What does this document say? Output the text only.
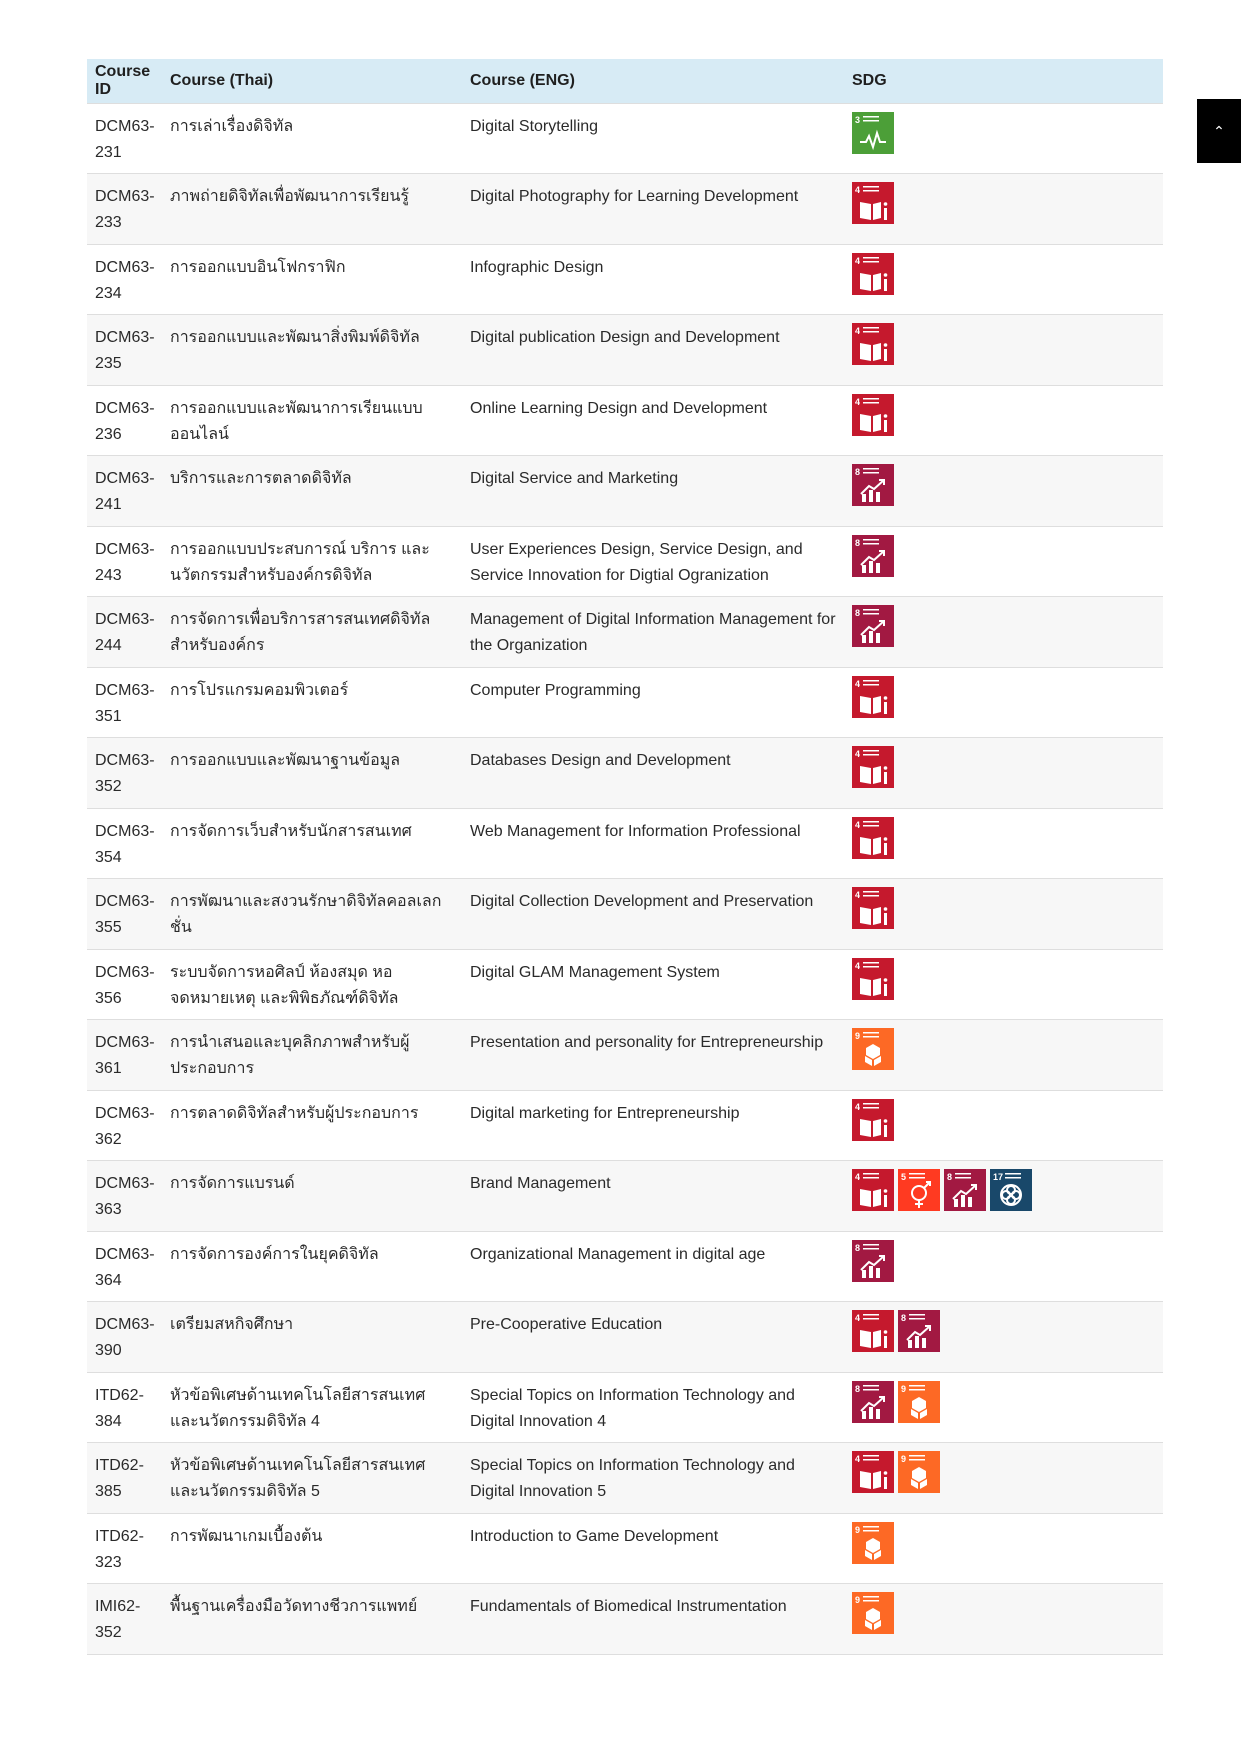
Course ID	Course (Thai)	Course (ENG)	SDG
DCM63-231	การเล่าเรื่องดิจิทัล	Digital Storytelling	3

DCM63-233	ภาพถ่ายดิจิทัลเพื่อพัฒนาการเรียนรู้	Digital Photography for Learning Development	4

DCM63-234	การออกแบบอินโฟกราฟิก	Infographic Design	4

DCM63-235	การออกแบบและพัฒนาสิ่งพิมพ์ดิจิทัล	Digital publication Design and Development	4

DCM63-236	การออกแบบและพัฒนาการเรียนแบบออนไลน์	Online Learning Design and Development	4

DCM63-241	บริการและการตลาดดิจิทัล	Digital Service and Marketing	8

DCM63-243	การออกแบบประสบการณ์ บริการ และนวัตกรรมสำหรับองค์กรดิจิทัล	User Experiences Design, Service Design, and Service Innovation for Digtial Ogranization	8

DCM63-244	การจัดการเพื่อบริการสารสนเทศดิจิทัลสำหรับองค์กร	Management of Digital Information Management for the Organization	8

DCM63-351	การโปรแกรมคอมพิวเตอร์	Computer Programming	4

DCM63-352	การออกแบบและพัฒนาฐานข้อมูล	Databases Design and Development	4

DCM63-354	การจัดการเว็บสำหรับนักสารสนเทศ	Web Management for Information Professional	4

DCM63-355	การพัฒนาและสงวนรักษาดิจิทัลคอลเลกชั่น	Digital Collection Development and Preservation	4

DCM63-356	ระบบจัดการหอศิลป์ ห้องสมุด หอจดหมายเหตุ และพิพิธภัณฑ์ดิจิทัล	Digital GLAM Management System	4

DCM63-361	การนำเสนอและบุคลิกภาพสำหรับผู้ประกอบการ	Presentation and personality for Entrepreneurship	9

DCM63-362	การตลาดดิจิทัลสำหรับผู้ประกอบการ	Digital marketing for Entrepreneurship	4

DCM63-363	การจัดการแบรนด์	Brand Management	4 5 8 17

DCM63-364	การจัดการองค์การในยุคดิจิทัล	Organizational Management in digital age	8

DCM63-390	เตรียมสหกิจศึกษา	Pre-Cooperative Education	4 8

ITD62-384	หัวข้อพิเศษด้านเทคโนโลยีสารสนเทศและนวัตกรรมดิจิทัล 4	Special Topics on Information Technology and Digital Innovation 4	8 9

ITD62-385	หัวข้อพิเศษด้านเทคโนโลยีสารสนเทศและนวัตกรรมดิจิทัล 5	Special Topics on Information Technology and Digital Innovation 5	4 9

ITD62-323	การพัฒนาเกมเบื้องต้น	Introduction to Game Development	9

IMI62-352	พื้นฐานเครื่องมือวัดทางชีวการแพทย์	Fundamentals of Biomedical Instrumentation	9
⌃
